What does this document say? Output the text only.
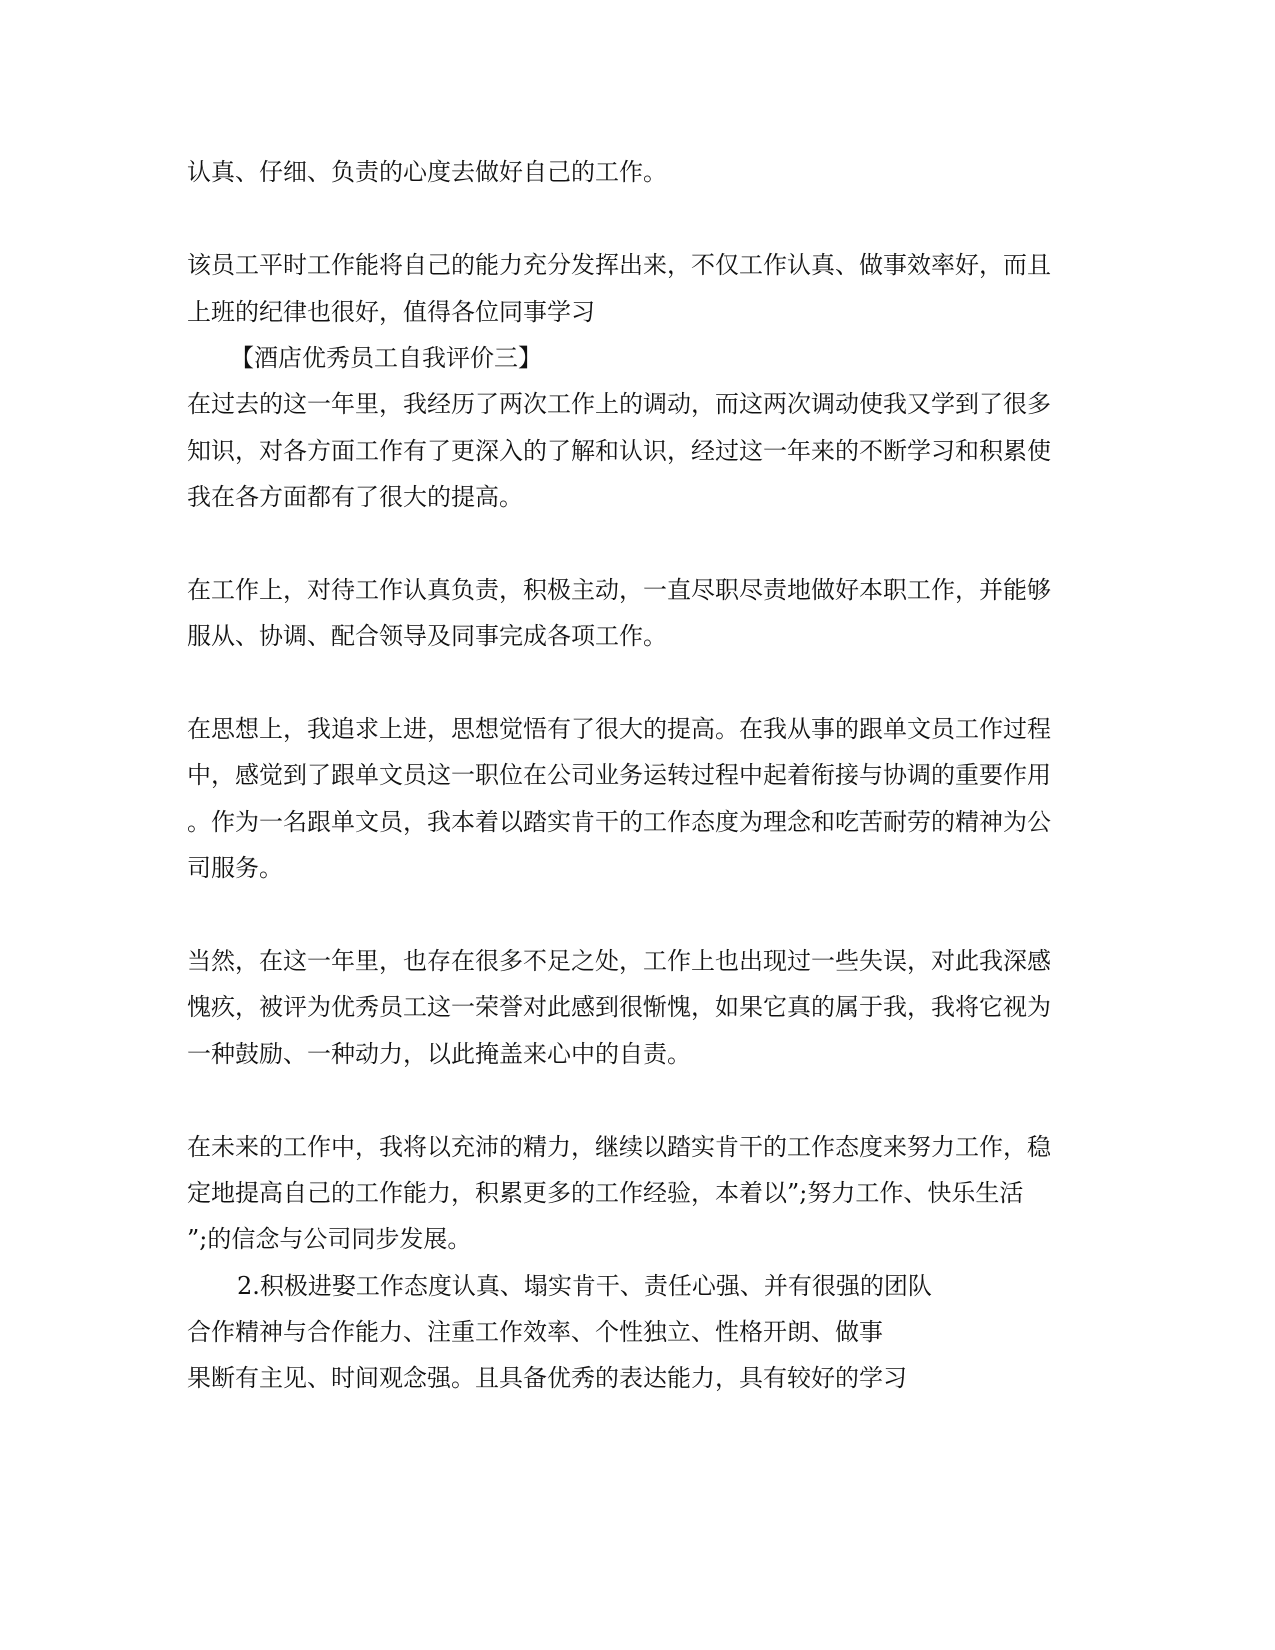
认真、仔细、负责的心度去做好自己的工作。
该员工平时工作能将自己的能力充分发挥出来，不仅工作认真、做事效率好，而且
上班的纪律也很好，值得各位同事学习
【酒店优秀员工自我评价三】
在过去的这一年里，我经历了两次工作上的调动，而这两次调动使我又学到了很多
知识，对各方面工作有了更深入的了解和认识，经过这一年来的不断学习和积累使
我在各方面都有了很大的提高。
在工作上，对待工作认真负责，积极主动，一直尽职尽责地做好本职工作，并能够
服从、协调、配合领导及同事完成各项工作。
在思想上，我追求上进，思想觉悟有了很大的提高。在我从事的跟单文员工作过程
中，感觉到了跟单文员这一职位在公司业务运转过程中起着衔接与协调的重要作用
。作为一名跟单文员，我本着以踏实肯干的工作态度为理念和吃苦耐劳的精神为公
司服务。
当然，在这一年里，也存在很多不足之处，工作上也出现过一些失误，对此我深感
愧疚，被评为优秀员工这一荣誉对此感到很惭愧，如果它真的属于我，我将它视为
一种鼓励、一种动力，以此掩盖来心中的自责。
在未来的工作中，我将以充沛的精力，继续以踏实肯干的工作态度来努力工作，稳
定地提高自己的工作能力，积累更多的工作经验，本着以”;努力工作、快乐生活
”;的信念与公司同步发展。
2.积极进娶工作态度认真、塌实肯干、责任心强、并有很强的团队
合作精神与合作能力、注重工作效率、个性独立、性格开朗、做事
果断有主见、时间观念强。且具备优秀的表达能力，具有较好的学习
